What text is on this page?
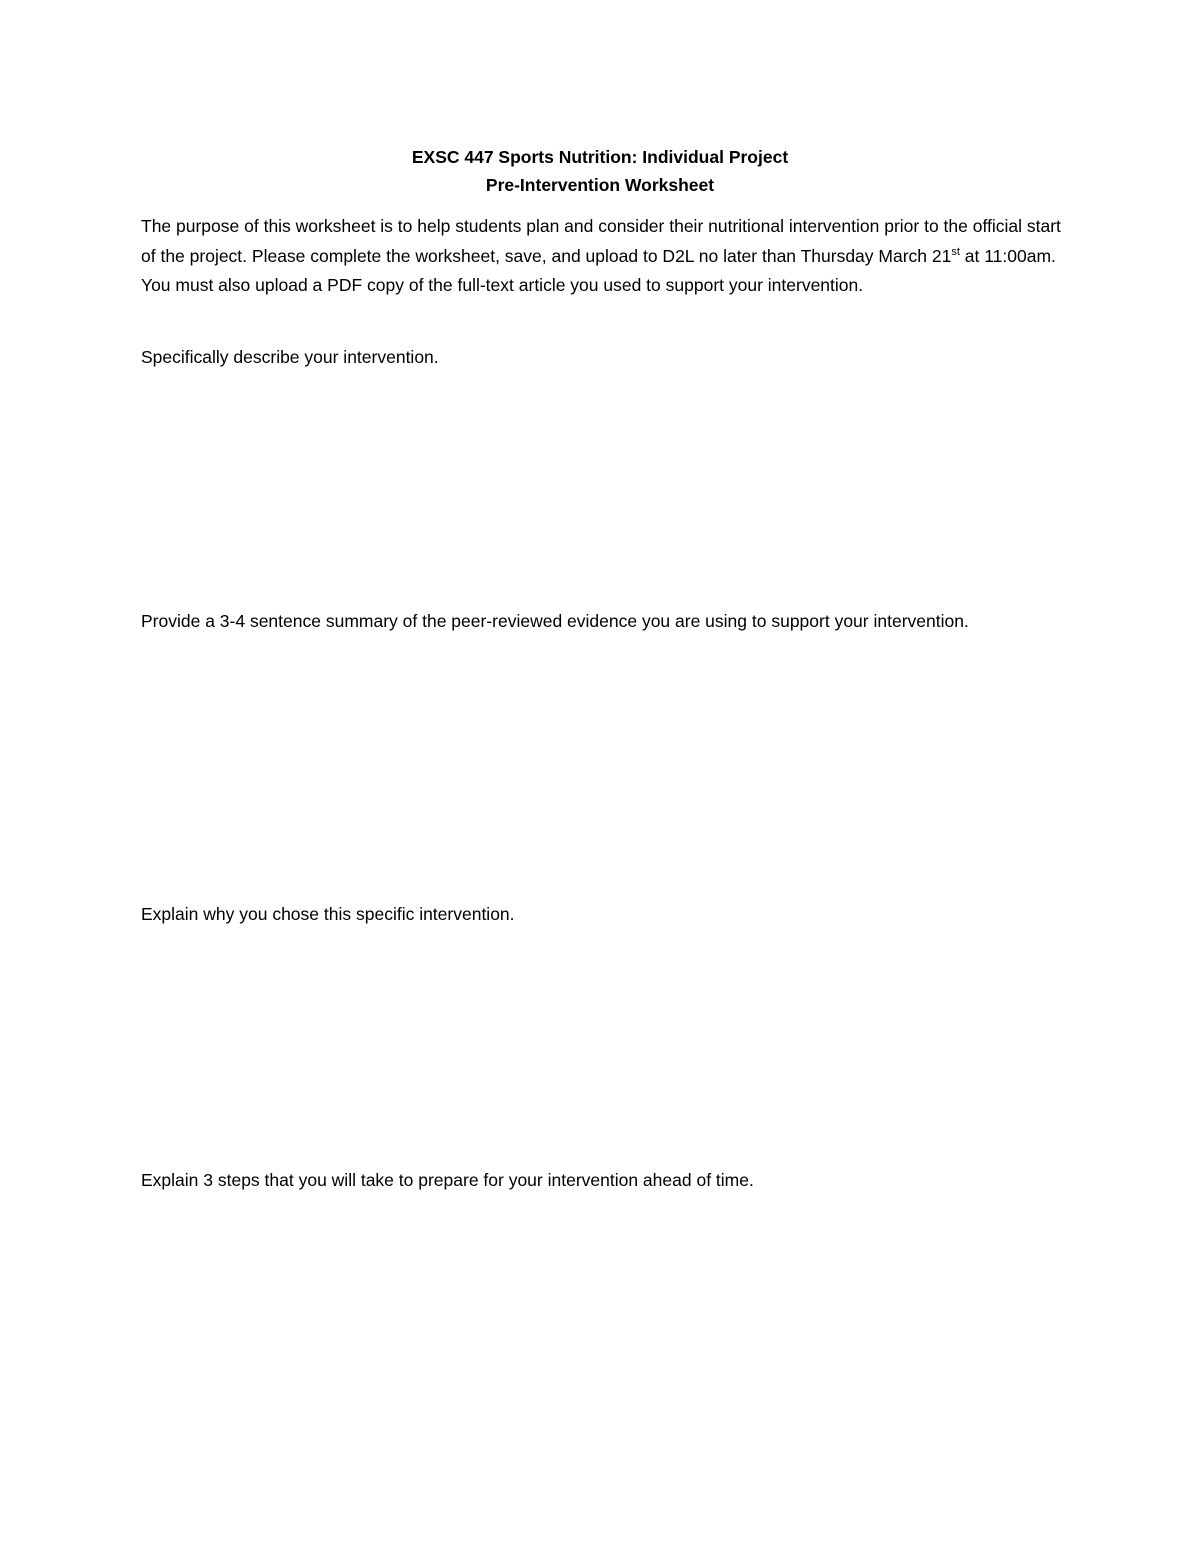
EXSC 447 Sports Nutrition: Individual Project
Pre-Intervention Worksheet

The purpose of this worksheet is to help students plan and consider their nutritional intervention prior to the official start of the project. Please complete the worksheet, save, and upload to D2L no later than Thursday March 21st at 11:00am. You must also upload a PDF copy of the full-text article you used to support your intervention.

Specifically describe your intervention.

Provide a 3-4 sentence summary of the peer-reviewed evidence you are using to support your intervention.

Explain why you chose this specific intervention.

Explain 3 steps that you will take to prepare for your intervention ahead of time.
